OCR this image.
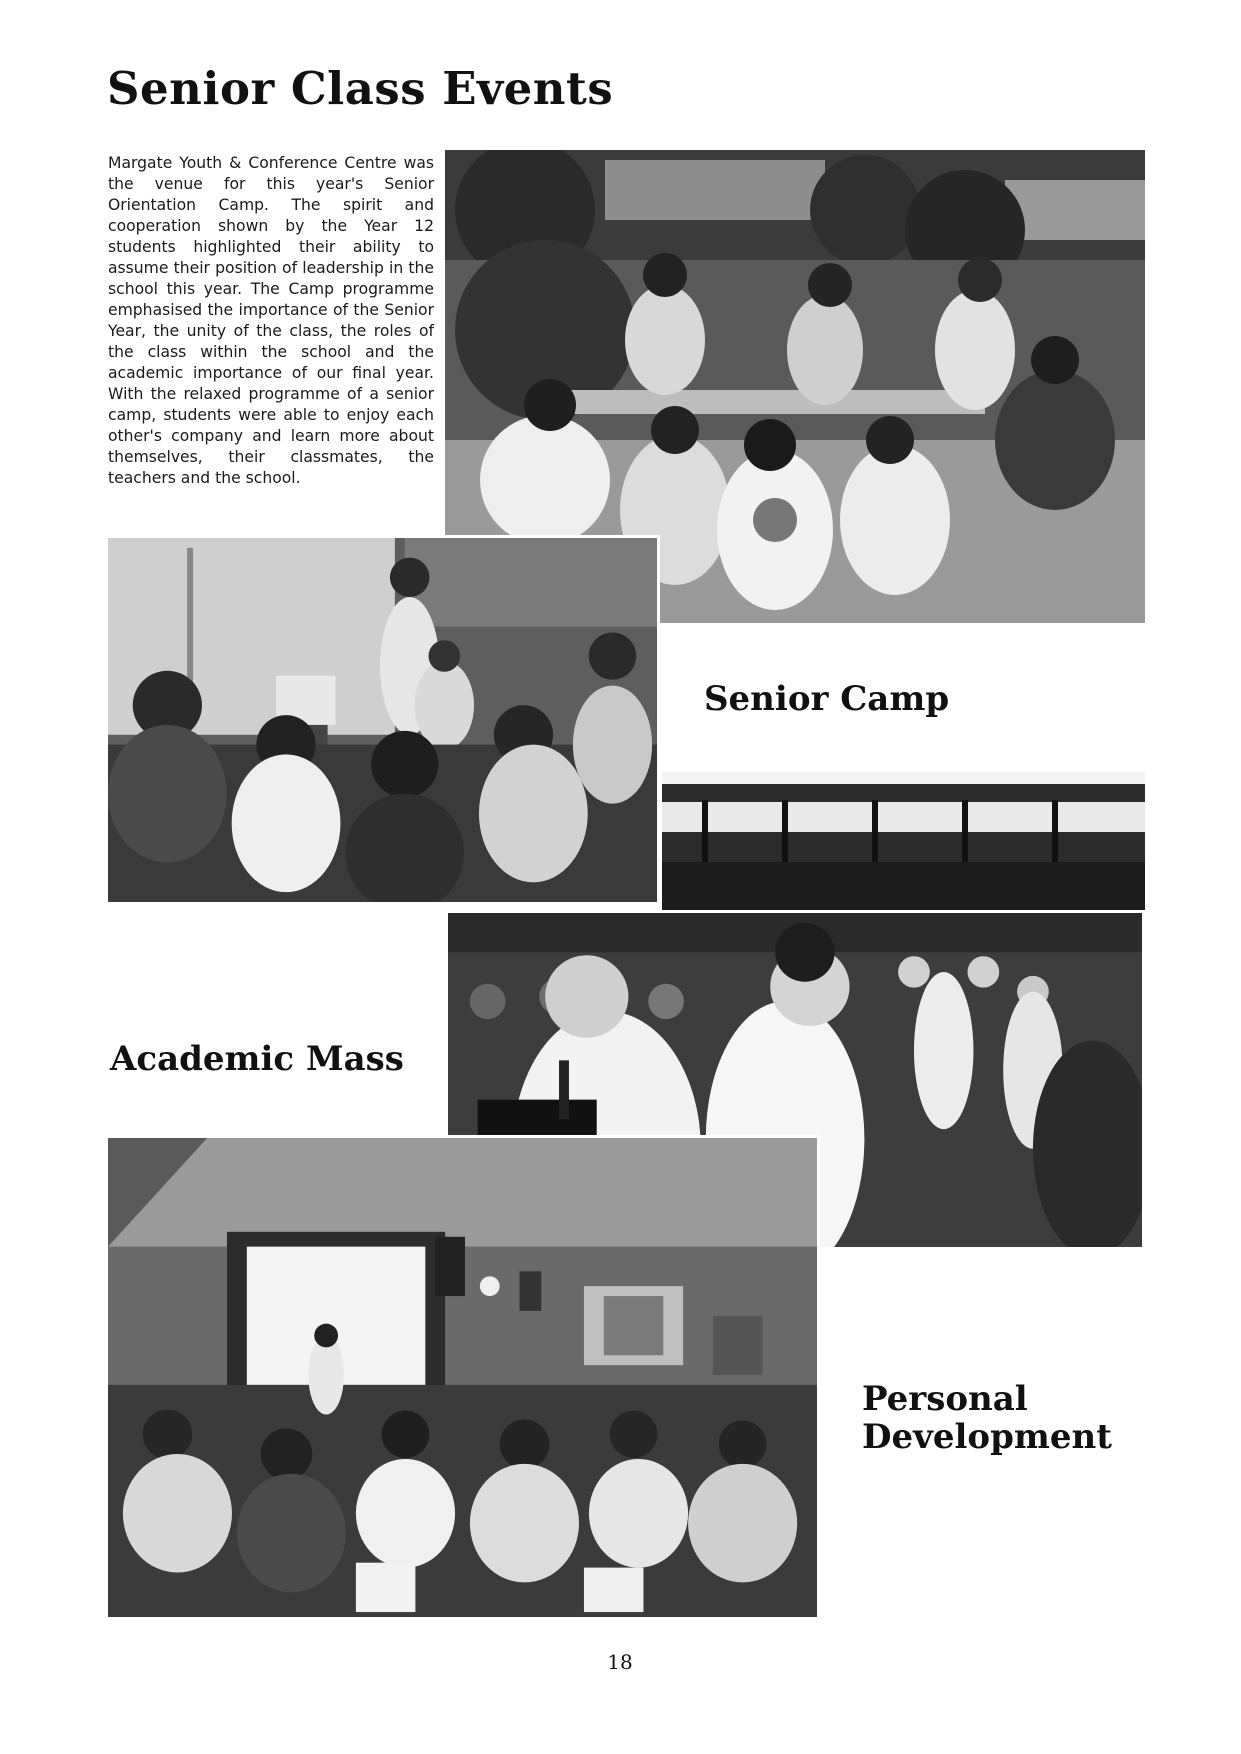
Senior Class Events

Margate Youth & Conference Centre was the venue for this year's Senior Orientation Camp. The spirit and cooperation shown by the Year 12 students highlighted their ability to assume their position of leadership in the school this year. The Camp programme emphasised the importance of the Senior Year, the unity of the class, the roles of the class within the school and the academic importance of our final year. With the relaxed programme of a senior camp, students were able to enjoy each other's company and learn more about themselves, their classmates, the teachers and the school.

Senior Camp
Academic Mass
Personal
Development
18
